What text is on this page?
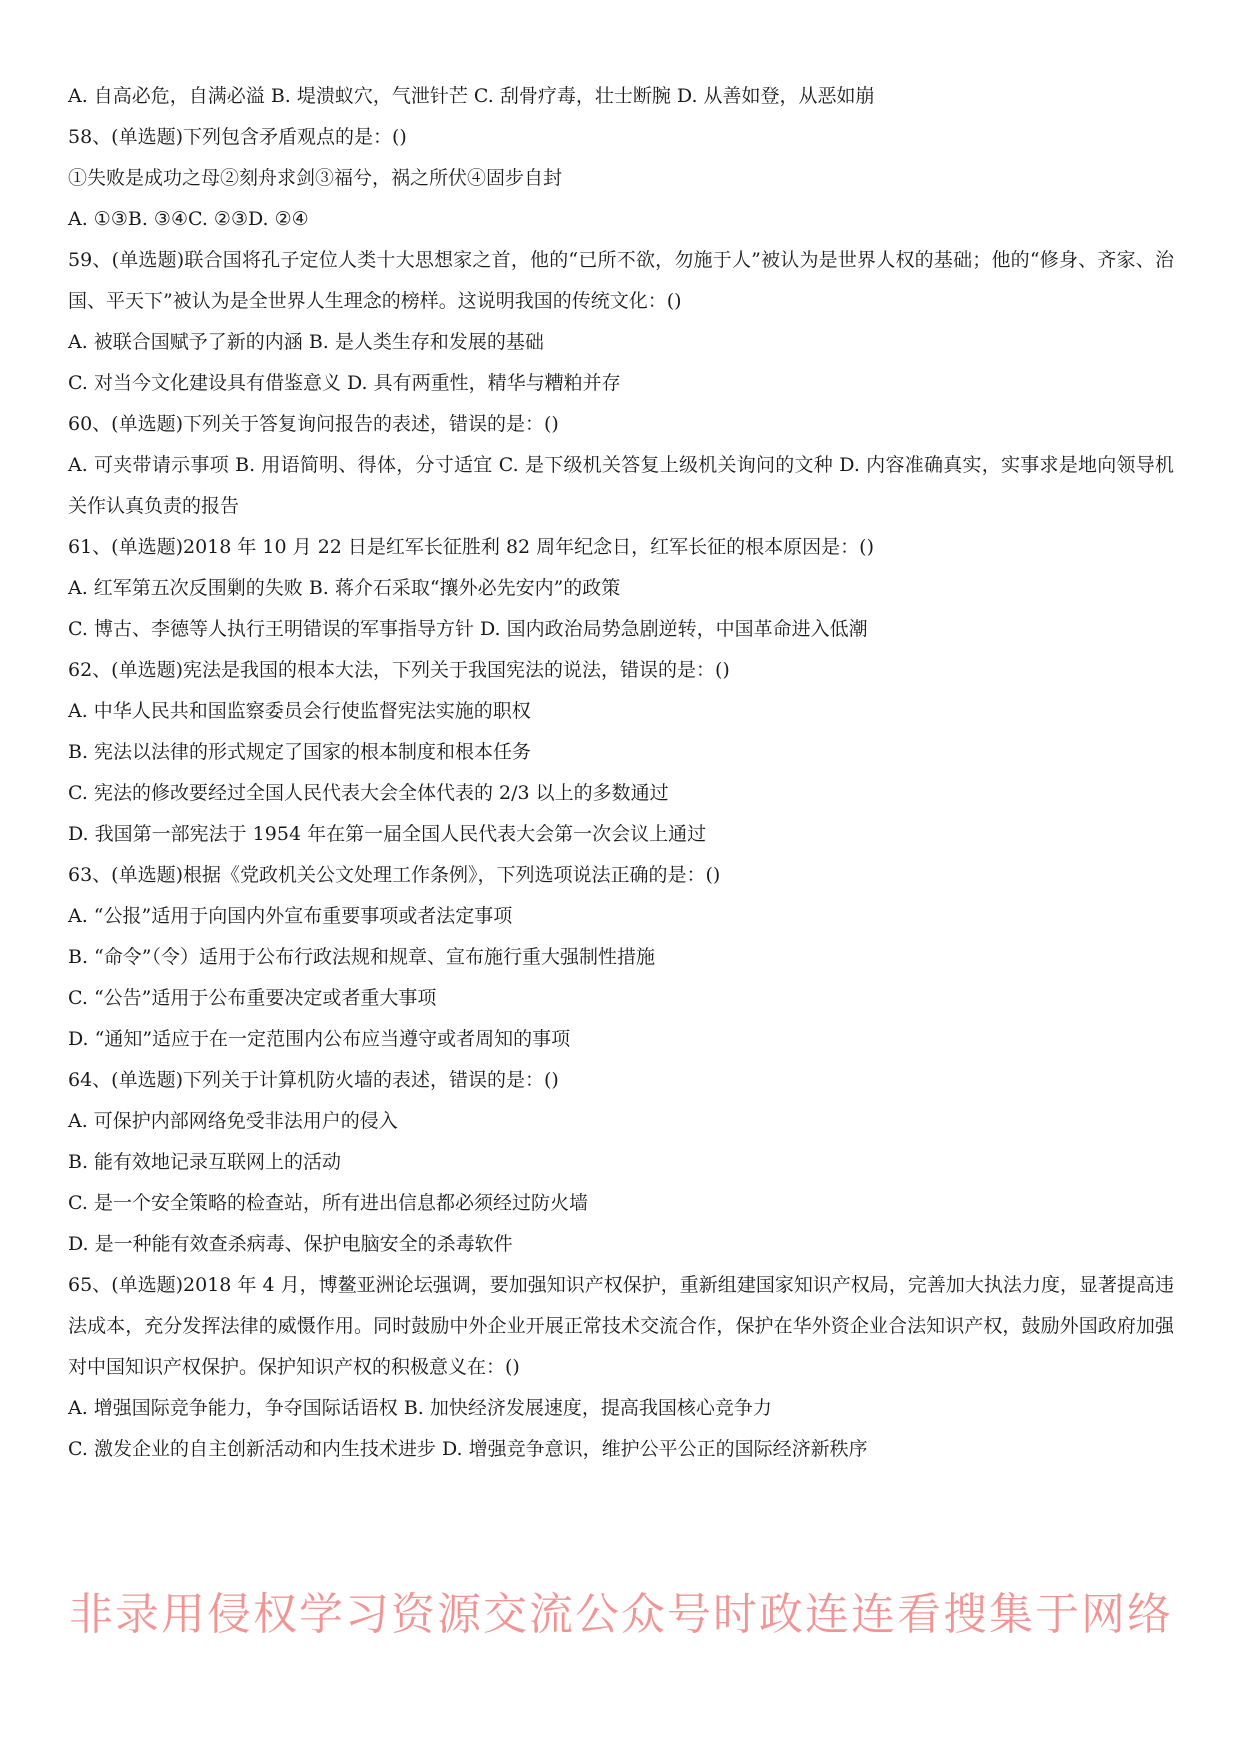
A. 自高必危，自满必溢 B. 堤溃蚁穴，气泄针芒 C. 刮骨疗毒，壮士断腕 D. 从善如登，从恶如崩

58、(单选题)下列包含矛盾观点的是：()

①失败是成功之母②刻舟求剑③福兮，祸之所伏④固步自封

A. ①③B. ③④C. ②③D. ②④

59、(单选题)联合国将孔子定位人类十大思想家之首，他的“已所不欲，勿施于人”被认为是世界人权的基础；他的“修身、齐家、治国、平天下”被认为是全世界人生理念的榜样。这说明我国的传统文化：()

A. 被联合国赋予了新的内涵 B. 是人类生存和发展的基础

C. 对当今文化建设具有借鉴意义 D. 具有两重性，精华与糟粕并存

60、(单选题)下列关于答复询问报告的表述，错误的是：()

A. 可夹带请示事项 B. 用语简明、得体，分寸适宜 C. 是下级机关答复上级机关询问的文种 D. 内容准确真实，实事求是地向领导机关作认真负责的报告

61、(单选题)2018 年 10 月 22 日是红军长征胜利 82 周年纪念日，红军长征的根本原因是：()

A. 红军第五次反围剿的失败 B. 蒋介石采取“攘外必先安内”的政策

C. 博古、李德等人执行王明错误的军事指导方针 D. 国内政治局势急剧逆转，中国革命进入低潮

62、(单选题)宪法是我国的根本大法，下列关于我国宪法的说法，错误的是：()

A. 中华人民共和国监察委员会行使监督宪法实施的职权

B. 宪法以法律的形式规定了国家的根本制度和根本任务

C. 宪法的修改要经过全国人民代表大会全体代表的 2/3 以上的多数通过

D. 我国第一部宪法于 1954 年在第一届全国人民代表大会第一次会议上通过

63、(单选题)根据《党政机关公文处理工作条例》，下列选项说法正确的是：()

A. “公报”适用于向国内外宣布重要事项或者法定事项

B. “命令”（令）适用于公布行政法规和规章、宣布施行重大强制性措施

C. “公告”适用于公布重要决定或者重大事项

D. “通知”适应于在一定范围内公布应当遵守或者周知的事项

64、(单选题)下列关于计算机防火墙的表述，错误的是：()

A. 可保护内部网络免受非法用户的侵入

B. 能有效地记录互联网上的活动

C. 是一个安全策略的检查站，所有进出信息都必须经过防火墙

D. 是一种能有效查杀病毒、保护电脑安全的杀毒软件

65、(单选题)2018 年 4 月，博鳌亚洲论坛强调，要加强知识产权保护，重新组建国家知识产权局，完善加大执法力度，显著提高违法成本，充分发挥法律的威慑作用。同时鼓励中外企业开展正常技术交流合作，保护在华外资企业合法知识产权，鼓励外国政府加强对中国知识产权保护。保护知识产权的积极意义在：()

A. 增强国际竞争能力，争夺国际话语权 B. 加快经济发展速度，提高我国核心竞争力

C. 激发企业的自主创新活动和内生技术进步 D. 增强竞争意识，维护公平公正的国际经济新秩序

非录用侵权学习资源交流公众号时政连连看搜集于网络
